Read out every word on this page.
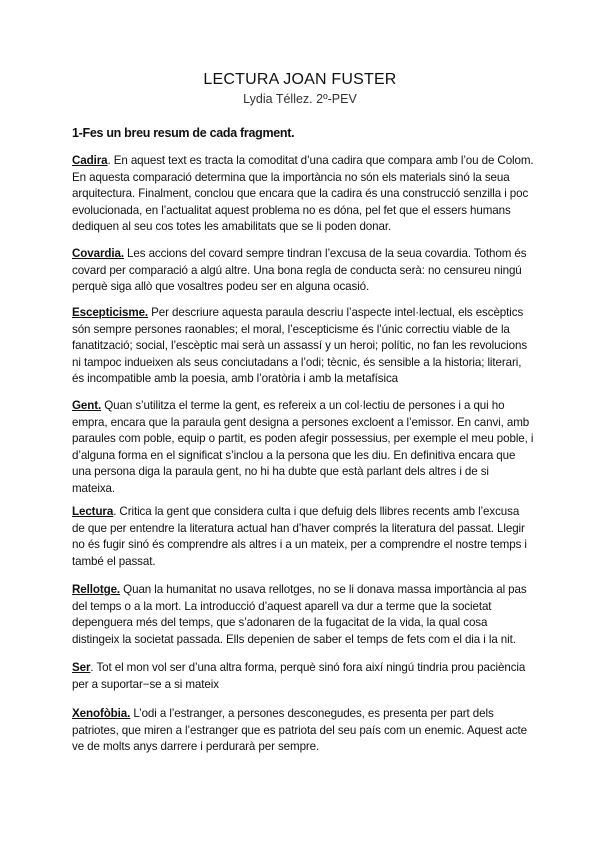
LECTURA JOAN FUSTER
Lydia Téllez. 2º-PEV
1-Fes un breu resum de cada fragment.

Cadira. En aquest text es tracta la comoditat d’una cadira que compara amb l’ou de Colom. En aquesta comparació determina que la importància no són els materials sinó la seua arquitectura. Finalment, conclou que encara que la cadira és una construcció senzilla i poc evolucionada, en l’actualitat aquest problema no es dóna, pel fet que el essers humans dediquen al seu cos totes les amabilitats que se li poden donar.

Covardia. Les accions del covard sempre tindran l’excusa de la seua covardia. Tothom és covard per comparació a algú altre. Una bona regla de conducta serà: no censureu ningú perquè siga allò que vosaltres podeu ser en alguna ocasió.

Escepticisme. Per descriure aquesta paraula descriu l’aspecte intel·lectual, els escèptics són sempre persones raonables; el moral, l’escepticisme és l’únic correctiu viable de la fanatització; social, l’escèptic mai serà un assassí y un heroi; polític, no fan les revolucions ni tampoc indueixen als seus conciutadans a l’odi; tècnic, és sensible a la historia; literari, és incompatible amb la poesia, amb l’oratòria i amb la metafísica

Gent. Quan s’utilitza el terme la gent, es refereix a un col·lectiu de persones i a qui ho empra, encara que la paraula gent designa a persones excloent a l’emissor. En canvi, amb paraules com poble, equip o partit, es poden afegir possessius, per exemple el meu poble, i d’alguna forma en el significat s’inclou a la persona que les diu. En definitiva encara que una persona diga la paraula gent, no hi ha dubte que està parlant dels altres i de si mateixa.

Lectura. Critica la gent que considera culta i que defuig dels llibres recents amb l’excusa de que per entendre la literatura actual han d’haver comprés la literatura del passat. Llegir no és fugir sinó és comprendre als altres i a un mateix, per a comprendre el nostre temps i també el passat.

Rellotge. Quan la humanitat no usava rellotges, no se li donava massa importància al pas del temps o a la mort. La introducció d’aquest aparell va dur a terme que la societat depenguera més del temps, que s’adonaren de la fugacitat de la vida, la qual cosa distingeix la societat passada. Ells depenien de saber el temps de fets com el dia i la nit.

Ser. Tot el mon vol ser d’una altra forma, perquè sinó fora així ningú tindria prou paciència per a suportar−se a si mateix

Xenofòbia. L’odi a l’estranger, a persones desconegudes, es presenta per part dels patriotes, que miren a l’estranger que es patriota del seu país com un enemic. Aquest acte ve de molts anys darrere i perdurarà per sempre.
